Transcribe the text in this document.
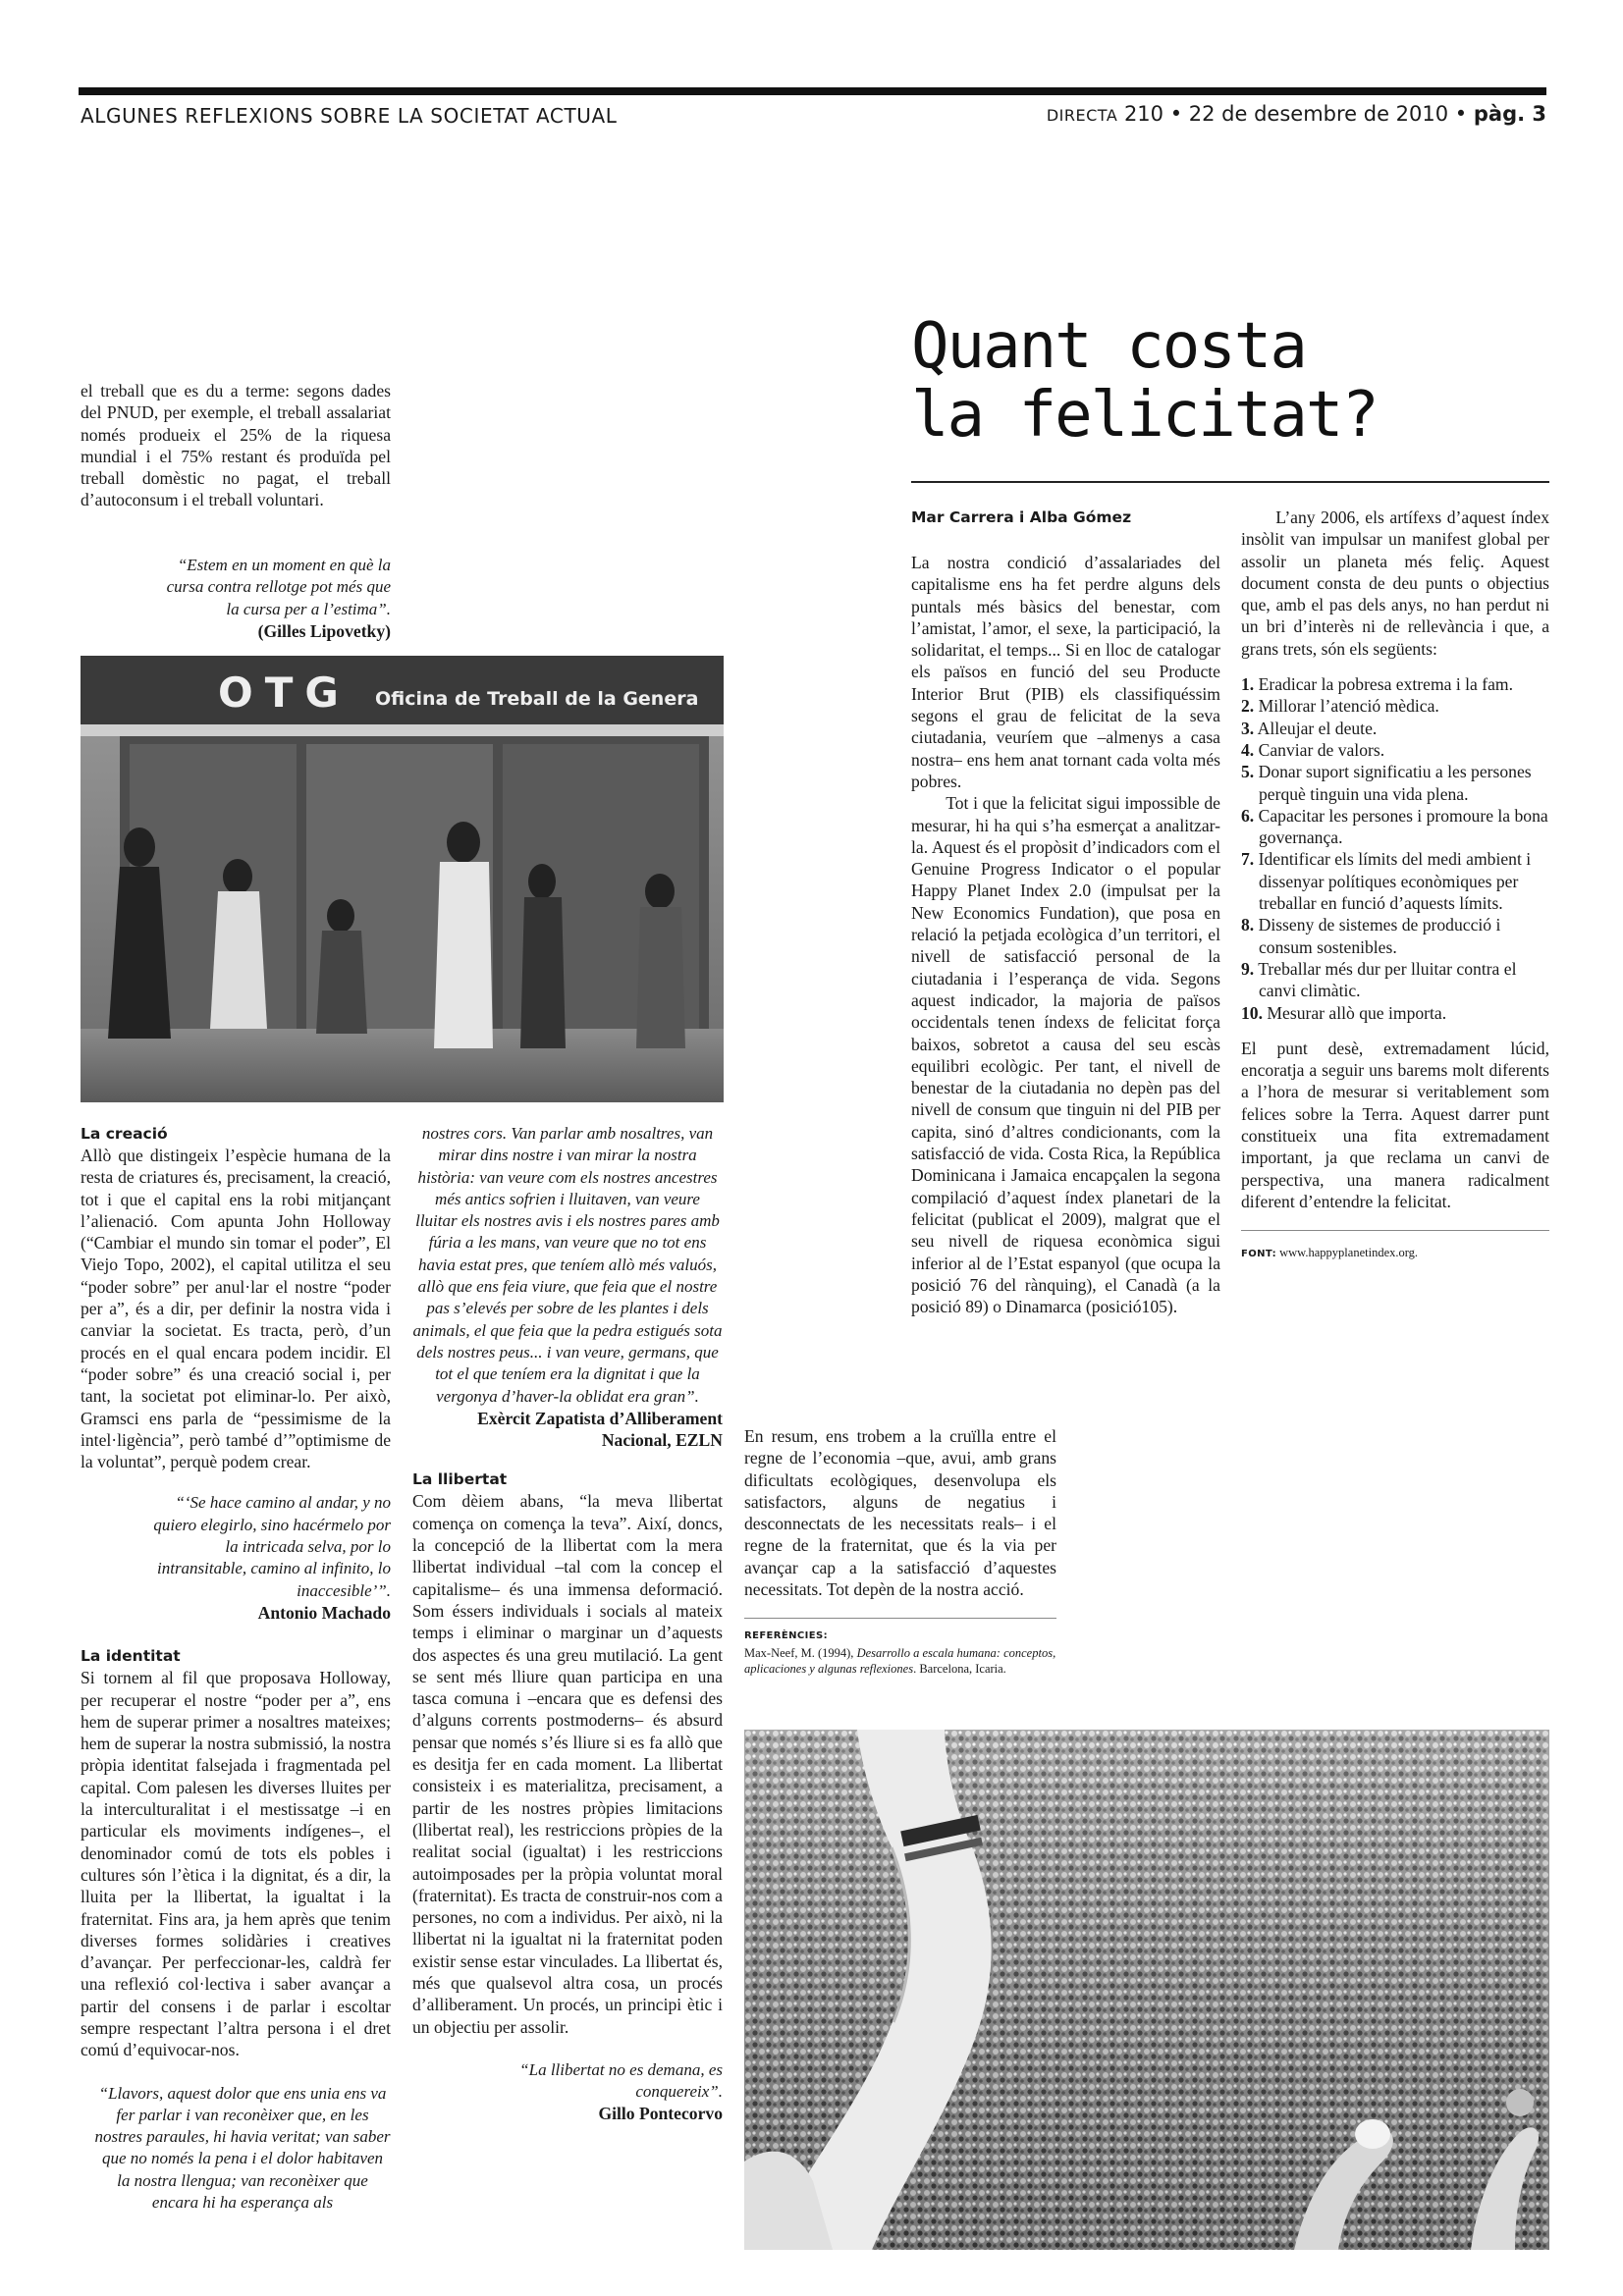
ALGUNES REFLEXIONS SOBRE LA SOCIETAT ACTUAL	DIRECTA 210 • 22 de desembre de 2010 • pàg. 3

el treball que es du a terme: segons dades del PNUD, per exemple, el treball assalariat només produeix el 25% de la riquesa mundial i el 75% restant és produïda pel treball domèstic no pagat, el treball d’autoconsum i el treball voluntari.

“Estem en un moment en què la cursa contra rellotge pot més que la cursa per a l’estima”.

(Gilles Lipovetky)

OTG Oficina de Treball de la Genera
La creació

Allò que distingeix l’espècie humana de la resta de criatures és, precisament, la creació, tot i que el capital ens la robi mitjançant l’alienació. Com apunta John Holloway (“Cambiar el mundo sin tomar el poder”, El Viejo Topo, 2002), el capital utilitza el seu “poder sobre” per anul·lar el nostre “poder per a”, és a dir, per definir la nostra vida i canviar la societat. Es tracta, però, d’un procés en el qual encara podem incidir. El “poder sobre” és una creació social i, per tant, la societat pot eliminar-lo. Per això, Gramsci ens parla de “pessimisme de la intel·ligència”, però també d’”optimisme de la voluntat”, perquè podem crear.

“‘Se hace camino al andar, y no quiero elegirlo, sino hacérmelo por la intricada selva, por lo intransitable, camino al infinito, lo inaccesible’”.

Antonio Machado

La identitat

Si tornem al fil que proposava Holloway, per recuperar el nostre “poder per a”, ens hem de superar primer a nosaltres mateixes; hem de superar la nostra submissió, la nostra pròpia identitat falsejada i fragmentada pel capital. Com palesen les diverses lluites per la interculturalitat i el mestissatge –i en particular els moviments indígenes–, el denominador comú de tots els pobles i cultures són l’ètica i la dignitat, és a dir, la lluita per la llibertat, la igualtat i la fraternitat. Fins ara, ja hem après que tenim diverses formes solidàries i creatives d’avançar. Per perfeccionar-les, caldrà fer una reflexió col·lectiva i saber avançar a partir del consens i de parlar i escoltar sempre respectant l’altra persona i el dret comú d’equivocar-nos.

“Llavors, aquest dolor que ens unia ens va fer parlar i van reconèixer que, en les nostres paraules, hi havia veritat; van saber que no només la pena i el dolor habitaven la nostra llengua; van reconèixer que encara hi ha esperança als

nostres cors. Van parlar amb nosaltres, van mirar dins nostre i van mirar la nostra història: van veure com els nostres ancestres més antics sofrien i lluitaven, van veure lluitar els nostres avis i els nostres pares amb fúria a les mans, van veure que no tot ens havia estat pres, que teníem allò més valuós, allò que ens feia viure, que feia que el nostre pas s’elevés per sobre de les plantes i dels animals, el que feia que la pedra estigués sota dels nostres peus... i van veure, germans, que tot el que teníem era la dignitat i que la vergonya d’haver-la oblidat era gran”.

Exèrcit Zapatista d’Alliberament Nacional, EZLN

La llibertat

Com dèiem abans, “la meva llibertat comença on comença la teva”. Així, doncs, la concepció de la llibertat com la mera llibertat individual –tal com la concep el capitalisme– és una immensa deformació. Som éssers individuals i socials al mateix temps i eliminar o marginar un d’aquests dos aspectes és una greu mutilació. La gent se sent més lliure quan participa en una tasca comuna i –encara que es defensi des d’alguns corrents postmoderns– és absurd pensar que només s’és lliure si es fa allò que es desitja fer en cada moment. La llibertat consisteix i es materialitza, precisament, a partir de les nostres pròpies limitacions (llibertat real), les restriccions pròpies de la realitat social (igualtat) i les restriccions autoimposades per la pròpia voluntat moral (fraternitat). Es tracta de construir-nos com a persones, no com a individus. Per això, ni la llibertat ni la igualtat ni la fraternitat poden existir sense estar vinculades. La llibertat és, més que qualsevol altra cosa, un procés d’alliberament. Un procés, un principi ètic i un objectiu per assolir.

“La llibertat no es demana, es conquereix”.

Gillo Pontecorvo

Quant costa
la felicitat?
Mar Carrera i Alba Gómez

La nostra condició d’assalariades del capitalisme ens ha fet perdre alguns dels puntals més bàsics del benestar, com l’amistat, l’amor, el sexe, la participació, la solidaritat, el temps... Si en lloc de catalogar els països en funció del seu Producte Interior Brut (PIB) els classifiquéssim segons el grau de felicitat de la seva ciutadania, veuríem que –almenys a casa nostra– ens hem anat tornant cada volta més pobres.

Tot i que la felicitat sigui impossible de mesurar, hi ha qui s’ha esmerçat a analitzar-la. Aquest és el propòsit d’indicadors com el Genuine Progress Indicator o el popular Happy Planet Index 2.0 (impulsat per la New Economics Fundation), que posa en relació la petjada ecològica d’un territori, el nivell de satisfacció personal de la ciutadania i l’esperança de vida. Segons aquest indicador, la majoria de països occidentals tenen índexs de felicitat força baixos, sobretot a causa del seu escàs equilibri ecològic. Per tant, el nivell de benestar de la ciutadania no depèn pas del nivell de consum que tinguin ni del PIB per capita, sinó d’altres condicionants, com la satisfacció de vida. Costa Rica, la República Dominicana i Jamaica encapçalen la segona compilació d’aquest índex planetari de la felicitat (publicat el 2009), malgrat que el seu nivell de riquesa econòmica sigui inferior al de l’Estat espanyol (que ocupa la posició 76 del rànquing), el Canadà (a la posició 89) o Dinamarca (posició105).

L’any 2006, els artífexs d’aquest índex insòlit van impulsar un manifest global per assolir un planeta més feliç. Aquest document consta de deu punts o objectius que, amb el pas dels anys, no han perdut ni un bri d’interès ni de rellevància i que, a grans trets, són els següents:

1. Eradicar la pobresa extrema i la fam.
2. Millorar l’atenció mèdica.
3. Alleujar el deute.
4. Canviar de valors.
5. Donar suport significatiu a les persones perquè tinguin una vida plena.
6. Capacitar les persones i promoure la bona governança.
7. Identificar els límits del medi ambient i dissenyar polítiques econòmiques per treballar en funció d’aquests límits.
8. Disseny de sistemes de producció i consum sostenibles.
9. Treballar més dur per lluitar contra el canvi climàtic.
10. Mesurar allò que importa.

El punt desè, extremadament lúcid, encoratja a seguir uns barems molt diferents a l’hora de mesurar si veritablement som felices sobre la Terra. Aquest darrer punt constitueix una fita extremadament important, ja que reclama un canvi de perspectiva, una manera radicalment diferent d’entendre la felicitat.

FONT: www.happyplanetindex.org.

En resum, ens trobem a la cruïlla entre el regne de l’economia –que, avui, amb grans dificultats ecològiques, desenvolupa els satisfactors, alguns de negatius i desconnectats de les necessitats reals– i el regne de la fraternitat, que és la via per avançar cap a la satisfacció d’aquestes necessitats. Tot depèn de la nostra acció.

REFERÈNCIES:
Max-Neef, M. (1994), Desarrollo a escala humana: conceptos, aplicaciones y algunas reflexiones. Barcelona, Icaria.
